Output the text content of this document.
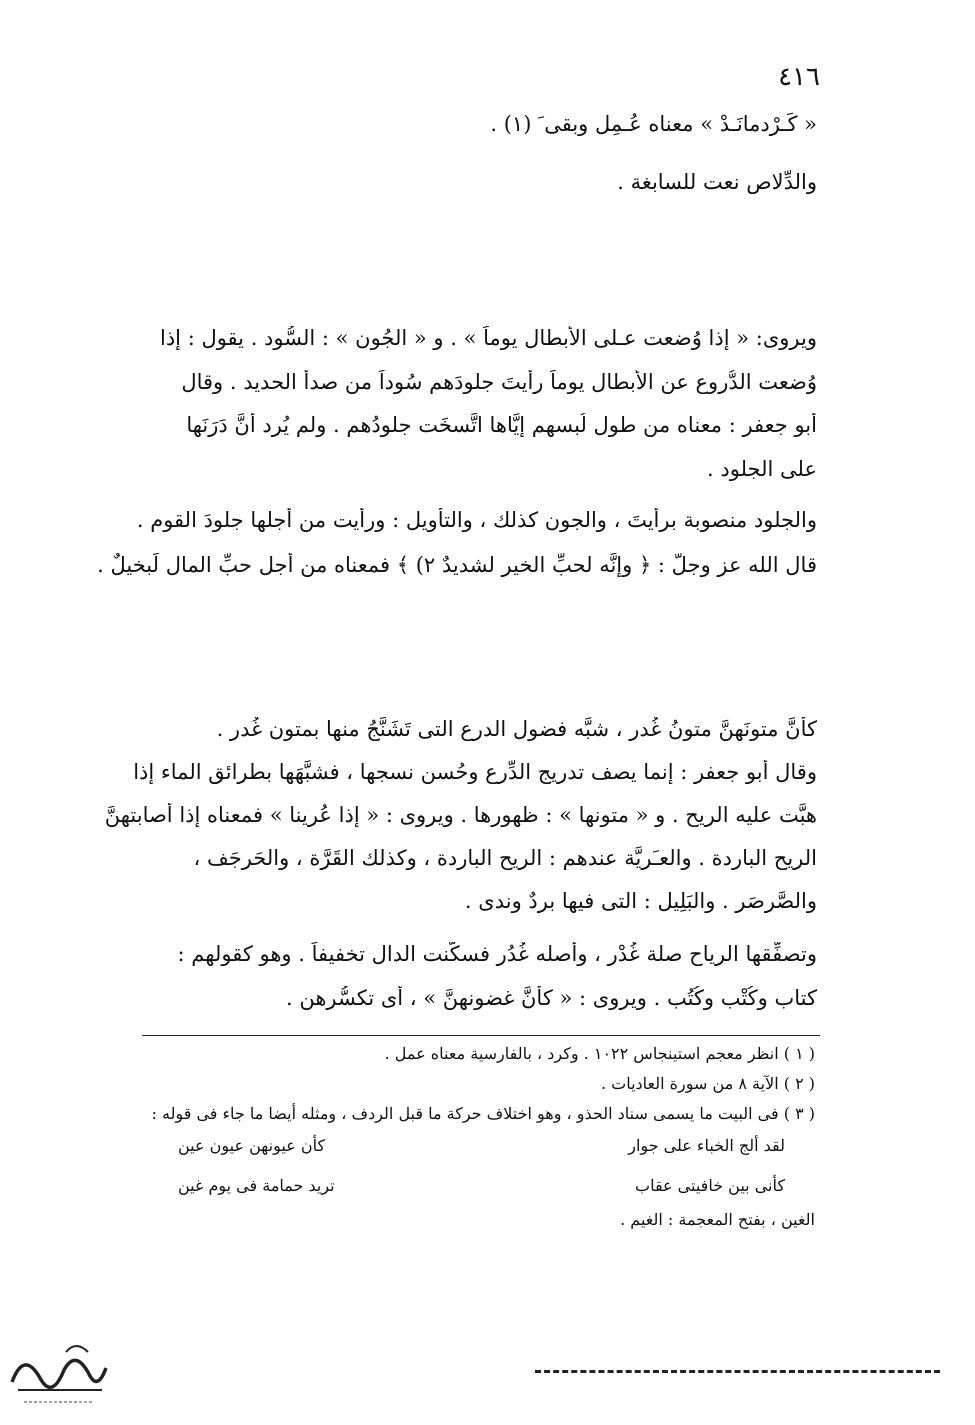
٤١٦
« كَـرْدمانَـدْ » معناه عُـمِل وبقى َ (١) .
والدِّلاص نعت للسابغة .
ويروى: « إذا وُضعت عـلى الأبطال يوماً » . و « الجُون » : السُّود . يقول : إذا
وُضعت الدُّروع عن الأبطال يوماً رأيتَ جلودَهم سُوداً من صدأ الحديد . وقال
أبو جعفر : معناه من طول لُبسهم إيَّاها اتَّسخَت جلودُهم . ولم يُرِد أنَّ دَرَنَها
على الجلود .
والجلود منصوبة برأيتَ ، والجون كذلك ، والتأويل : ورأيت من أجلها جلودَ القوم .
قال الله عز وجلّ : ﴿ وإنَّه لحبِّ الخير لشديدٌ ٢) ﴾ فمعناه من أجل حبِّ المال لَبخيلٌ .
كأنَّ متونَهنَّ متونُ غُدر ، شبَّه فضول الدرع التى تَشَنَّجُ منها بمتون غُدر .
وقال أبو جعفر : إنما يصف تدريج الدِّرع وحُسن نسجها ، فشبَّهَها بطرائق الماء إذا
هبَّت عليه الريح . و « متونها » : ظهورها . ويروى : « إذا عُرِينا » فمعناه إذا أصابتهنَّ
الريح الباردة . والعـَرِيَّة عندهم : الريح الباردة ، وكذلك القَرَّة ، والحَرجَف ،
والصَّرصَر . والبَلِيل : التى فيها بردٌ وندى .
وتصفِّقها الرياح صلة غُدْر ، وأصله غُدُر فسكَّنت الدال تخفيفاً . وهو كقولهم :
كتاب وكُتْب وكُتُب . ويروى : « كأنَّ غضونهنَّ » ، أى تكسُّرهن .
( ١ ) انظر معجم استينجاس ١٠٢٢ . وكرد ، بالفارسية معناه عمل .
( ٢ ) الآية ٨ من سورة العاديات .
( ٣ ) فى البيت ما يسمى سناد الحذو ، وهو اختلاف حركة ما قبل الردف ، ومثله أيضا ما جاء فى قوله :
لقد ألج الخباء على جوار
كأن عيونهن عيون عين
كأنى بين خافيتى عقاب
تريد حمامة فى يوم غين
الغين ، بفتح المعجمة : الغيم .
